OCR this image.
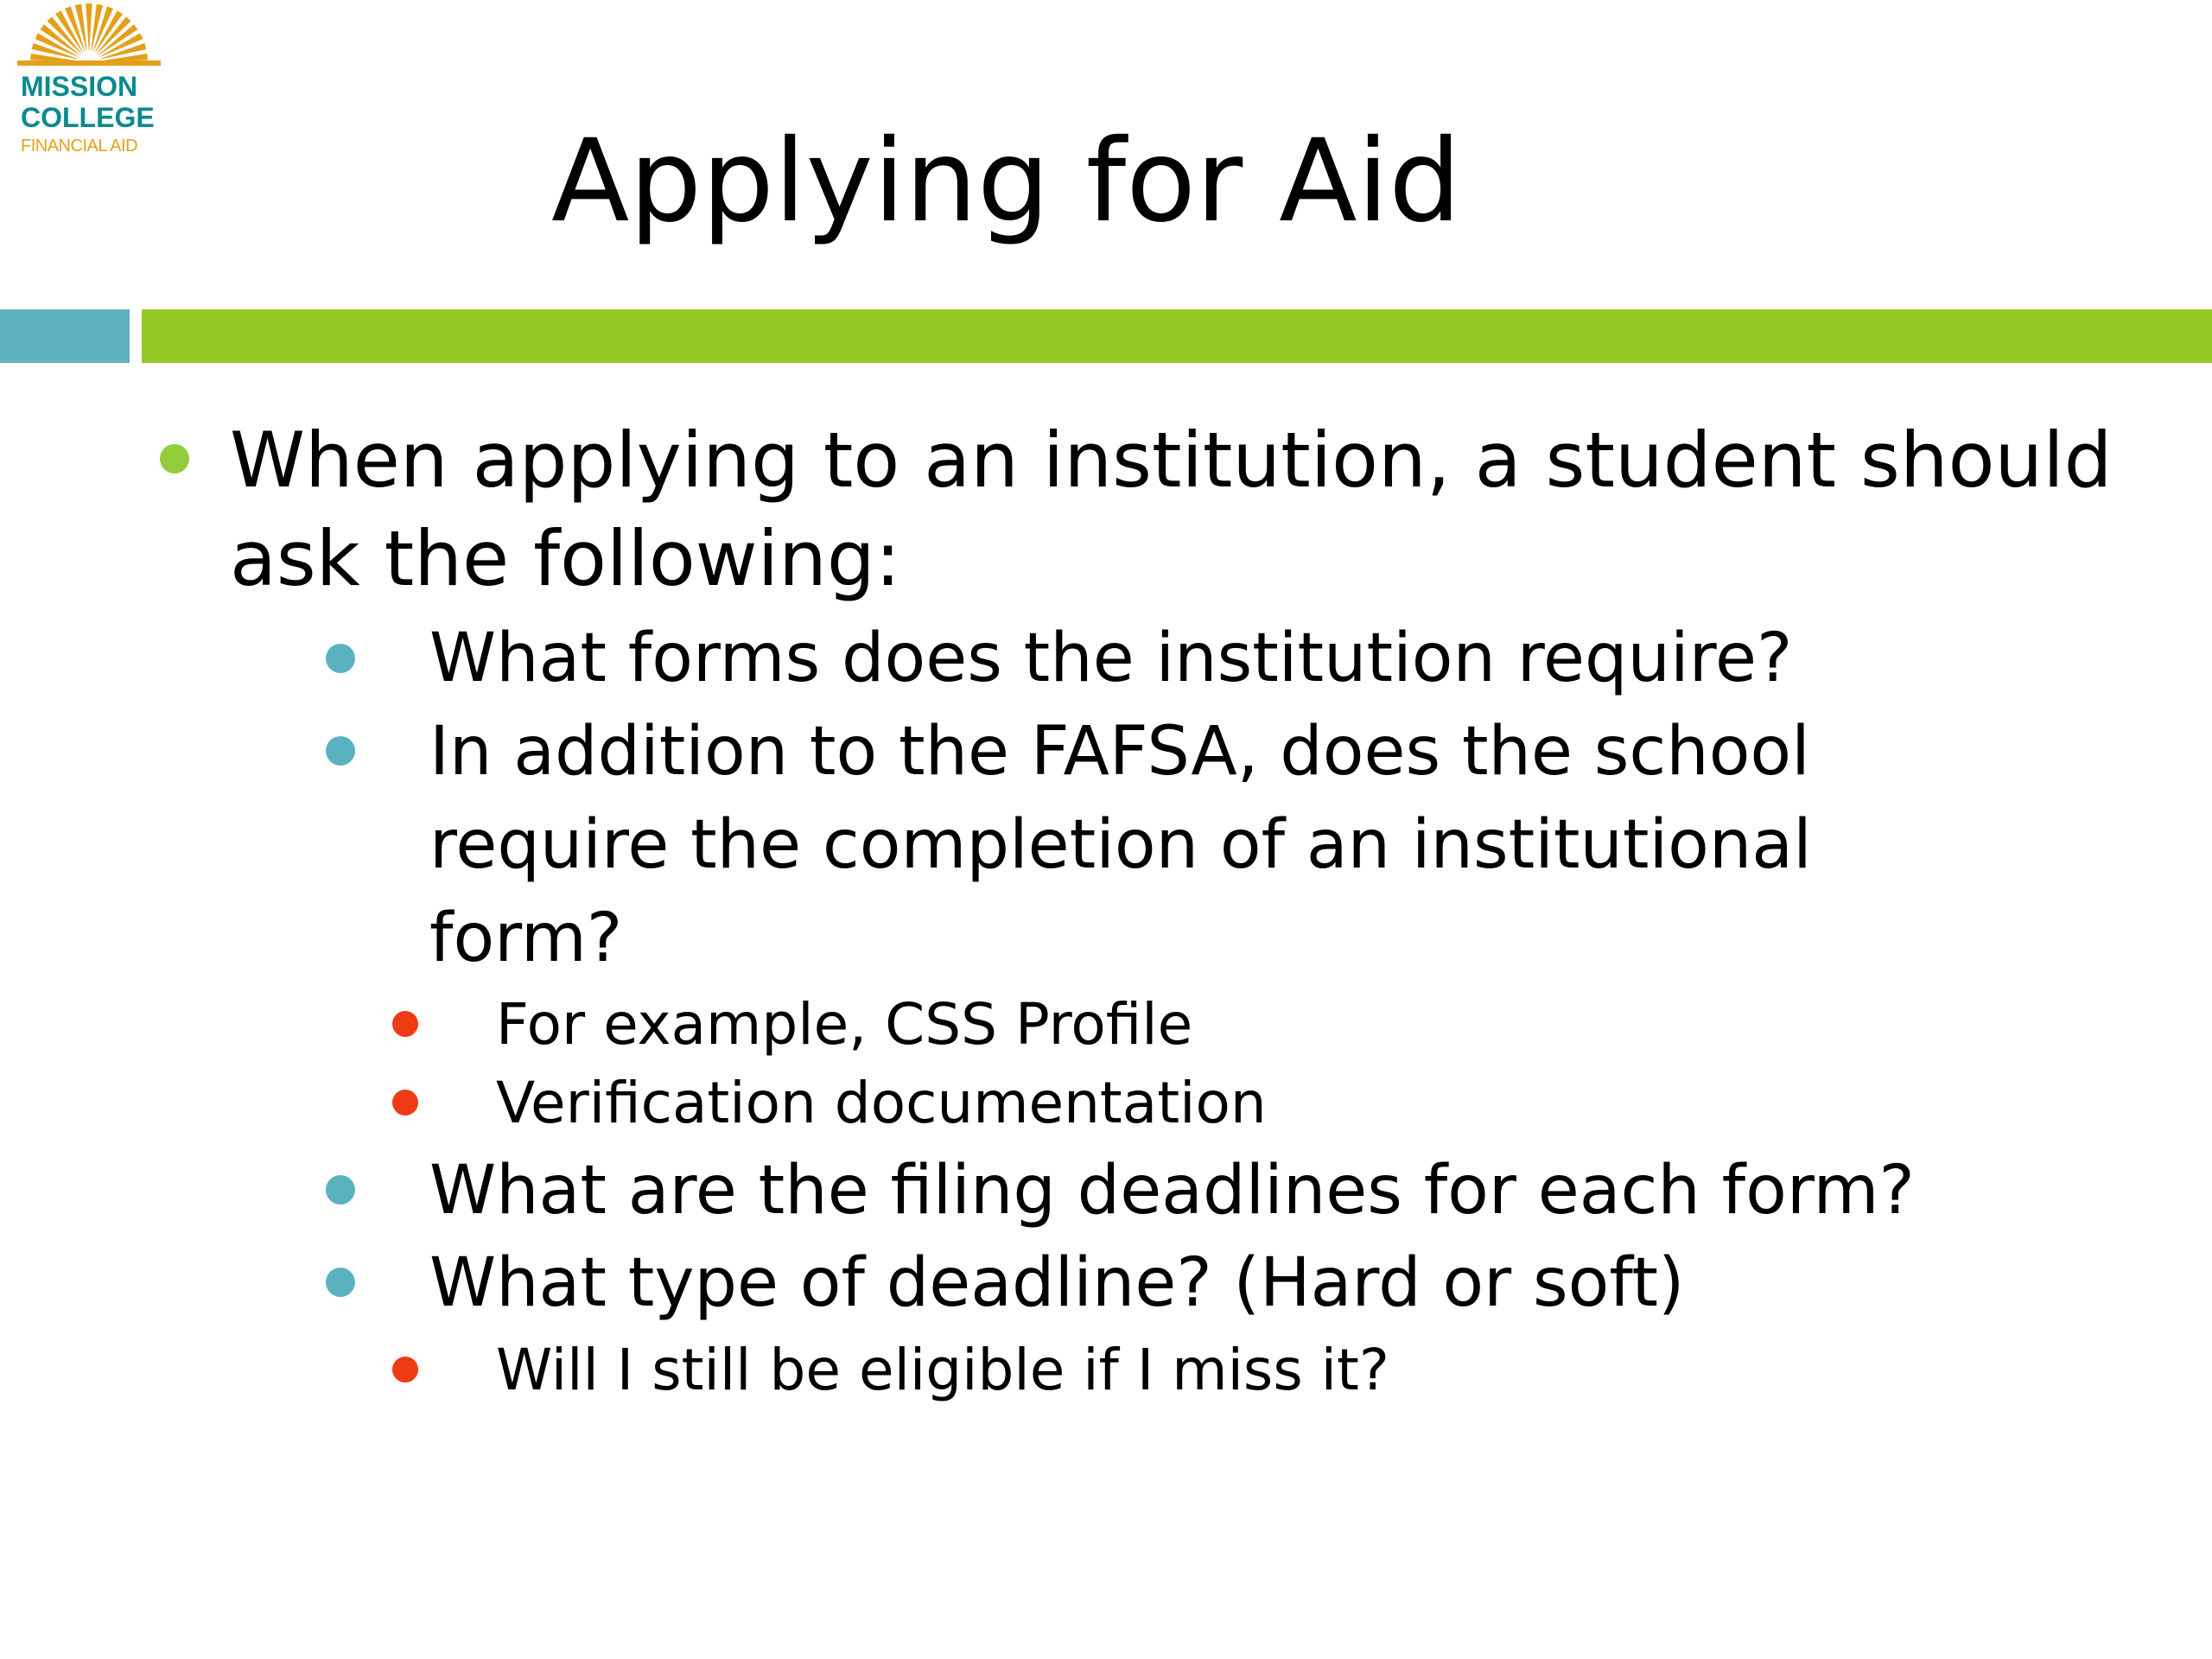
MISSION
COLLEGE
FINANCIAL AID	Applying for Aid
When applying to an institution, a student should
ask the following:
What forms does the institution require?
In addition to the FAFSA, does the school
require the completion of an institutional
form?
For example, CSS Profile
Verification documentation
What are the filing deadlines for each form?
What type of deadline? (Hard or soft)
Will I still be eligible if I miss it?
